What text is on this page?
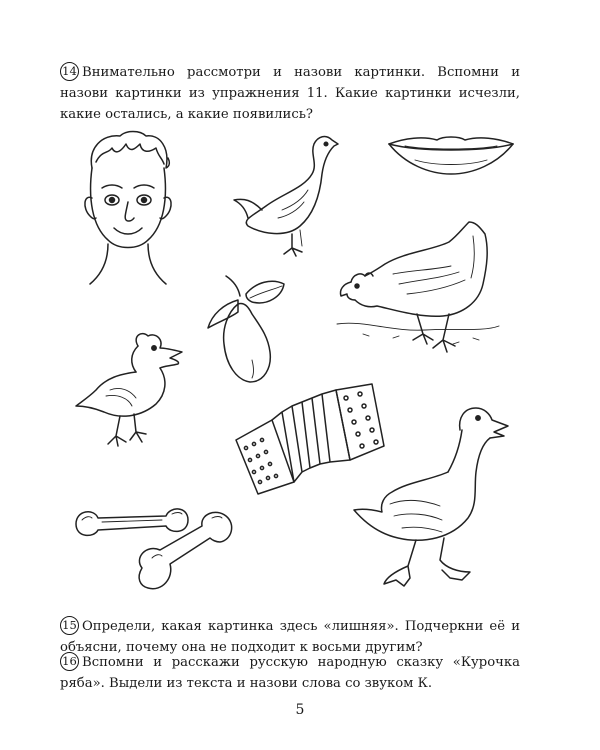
14 Внимательно рассмотри и назови картинки. Вспомни и назови картинки из упражнения 11. Какие картинки исчезли, какие остались, а какие появились?
15 Определи, какая картинка здесь «лишняя». Подчеркни её и объясни, почему она не подходит к восьми другим?
16 Вспомни и расскажи русскую народную сказку «Курочка ряба». Выдели из текста и назови слова со звуком К.
5
